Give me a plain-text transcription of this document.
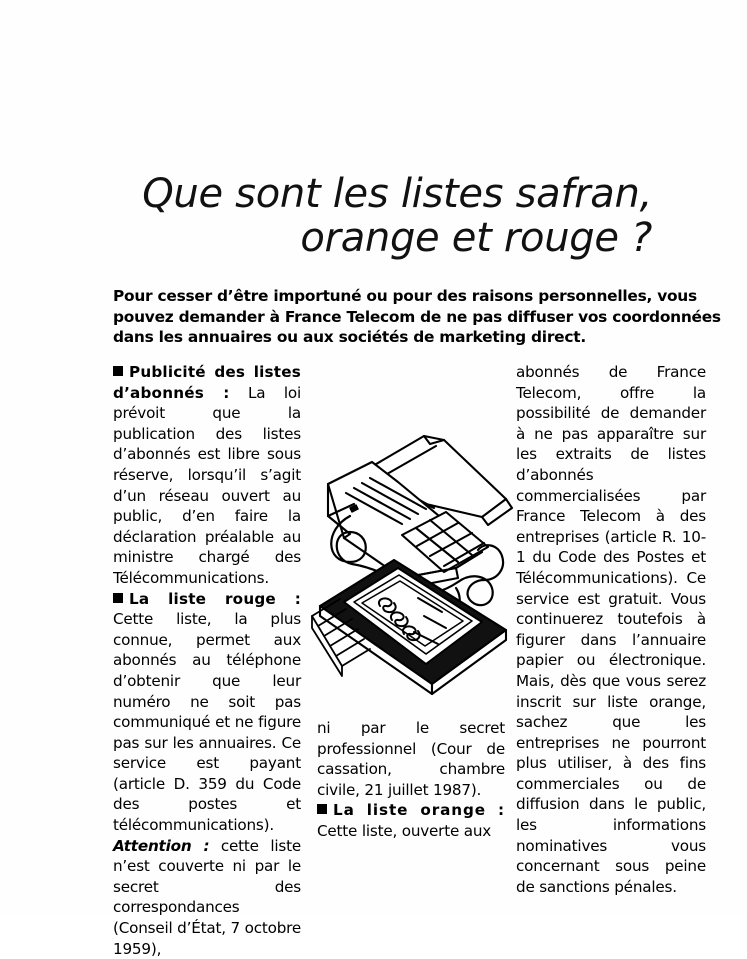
Que sont les listes safran,
orange et rouge ?
Pour cesser d’être importuné ou pour des raisons personnelles, vous
pouvez demander à France Telecom de ne pas diffuser vos coordonnées
dans les annuaires ou aux sociétés de marketing direct.

Publicité des listes d’abonnés : La loi prévoit que la publication des listes d’abonnés est libre sous réserve, lorsqu’il s’agit d’un réseau ouvert au public, d’en faire la déclaration préalable au ministre chargé des Télécommunications.

La liste rouge : Cette liste, la plus connue, permet aux abonnés au téléphone d’obtenir que leur numéro ne soit pas communiqué et ne figure pas sur les annuaires. Ce service est payant (article D. 359 du Code des postes et télécommunications).

Attention : cette liste n’est couverte ni par le secret des correspondances (Conseil d’État, 7 octobre 1959),

ni par le secret professionnel (Cour de cassation, chambre civile, 21 juillet 1987).

La liste orange : Cette liste, ouverte aux

abonnés de France Telecom, offre la possibilité de demander à ne pas apparaître sur les extraits de listes d’abonnés commercialisées par France Telecom à des entreprises (article R. 10-1 du Code des Postes et Télécommunications). Ce service est gratuit. Vous continuerez toutefois à figurer dans l’annuaire papier ou électronique. Mais, dès que vous serez inscrit sur liste orange, sachez que les entreprises ne pourront plus utiliser, à des fins commerciales ou de diffusion dans le public, les informations nominatives vous concernant sous peine de sanctions pénales.
